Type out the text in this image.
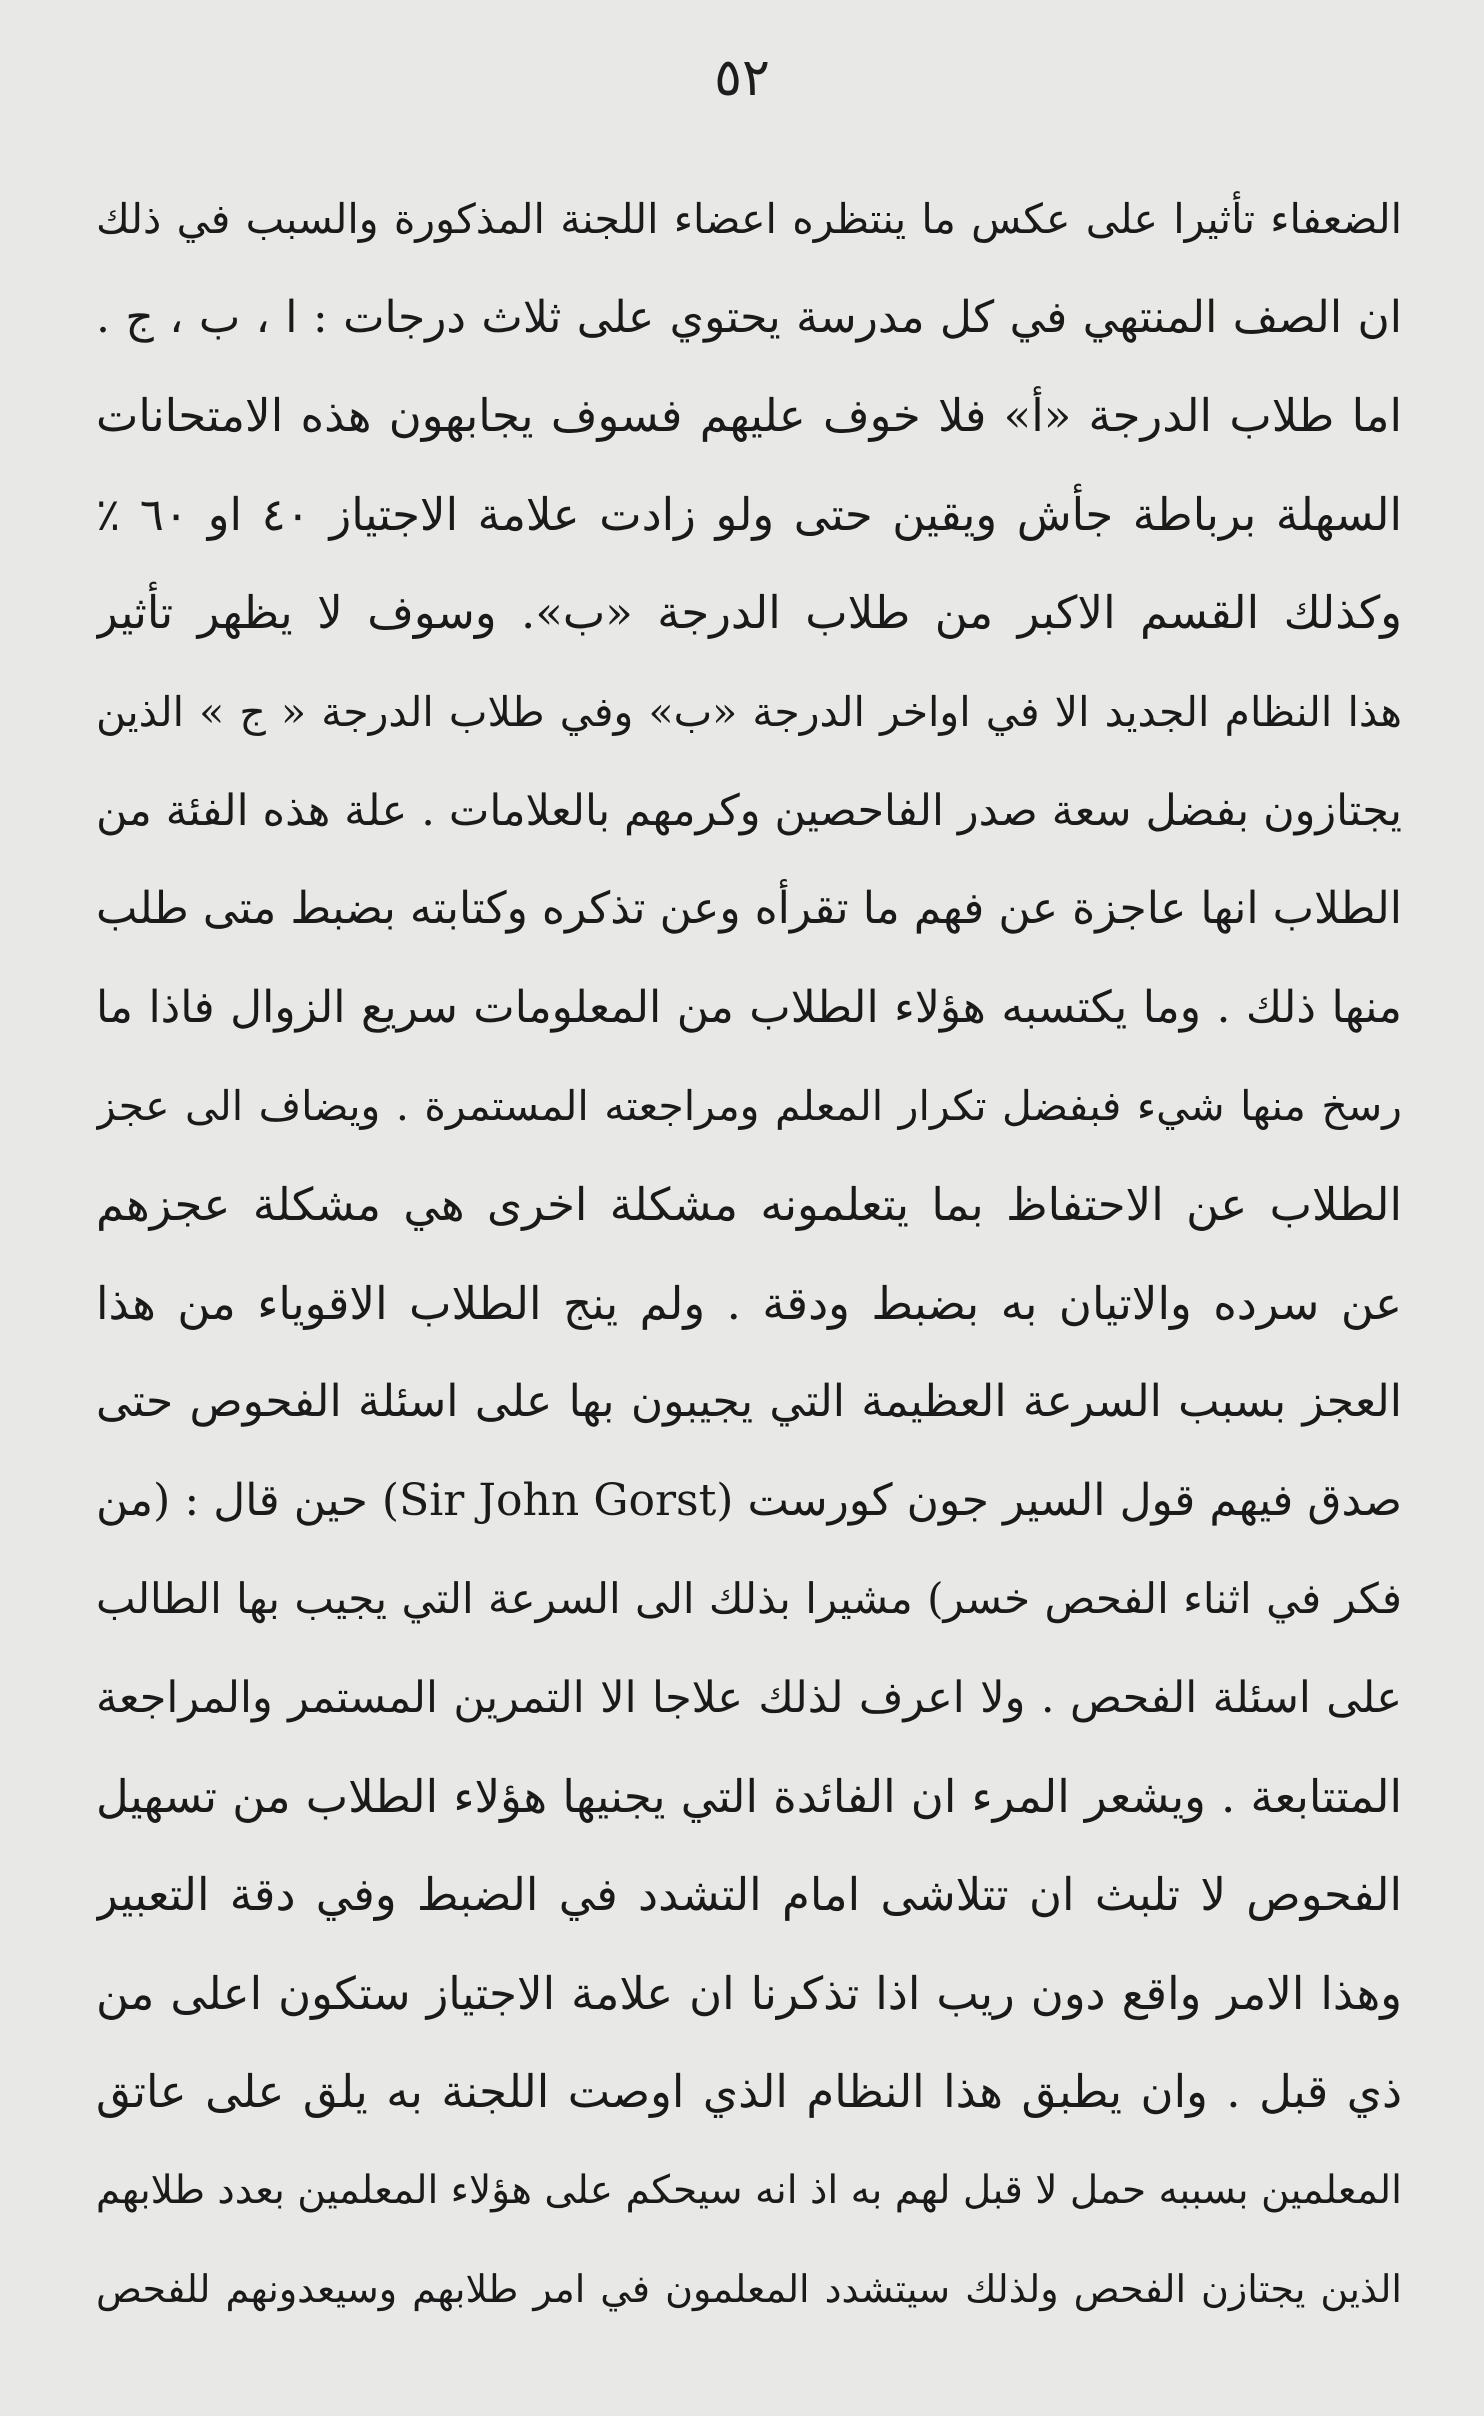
٥٢
الضعفاء تأثيرا على عكس ما ينتظره اعضاء اللجنة المذكورة والسبب في ذلك
ان الصف المنتهي في كل مدرسة يحتوي على ثلاث درجات : ا ، ب ، ج .
اما طلاب الدرجة «أ» فلا خوف عليهم فسوف يجابهون هذه الامتحانات
السهلة برباطة جأش ويقين حتى ولو زادت علامة الاجتياز ٤٠ او ٦٠ ٪
وكذلك القسم الاكبر من طلاب الدرجة «ب». وسوف لا يظهر تأثير
هذا النظام الجديد الا في اواخر الدرجة «ب» وفي طلاب الدرجة « ج » الذين
يجتازون بفضل سعة صدر الفاحصين وكرمهم بالعلامات . علة هذه الفئة من
الطلاب انها عاجزة عن فهم ما تقرأه وعن تذكره وكتابته بضبط متى طلب
منها ذلك . وما يكتسبه هؤلاء الطلاب من المعلومات سريع الزوال فاذا ما
رسخ منها شيء فبفضل تكرار المعلم ومراجعته المستمرة . ويضاف الى عجز
الطلاب عن الاحتفاظ بما يتعلمونه مشكلة اخرى هي مشكلة عجزهم
عن سرده والاتيان به بضبط ودقة . ولم ينج الطلاب الاقوياء من هذا
العجز بسبب السرعة العظيمة التي يجيبون بها على اسئلة الفحوص حتى
صدق فيهم قول السير جون كورست (Sir John Gorst) حين قال : (من
فكر في اثناء الفحص خسر) مشيرا بذلك الى السرعة التي يجيب بها الطالب
على اسئلة الفحص . ولا اعرف لذلك علاجا الا التمرين المستمر والمراجعة
المتتابعة . ويشعر المرء ان الفائدة التي يجنيها هؤلاء الطلاب من تسهيل
الفحوص لا تلبث ان تتلاشى امام التشدد في الضبط وفي دقة التعبير
وهذا الامر واقع دون ريب اذا تذكرنا ان علامة الاجتياز ستكون اعلى من
ذي قبل . وان يطبق هذا النظام الذي اوصت اللجنة به يلق على عاتق
المعلمين بسببه حمل لا قبل لهم به اذ انه سيحكم على هؤلاء المعلمين بعدد طلابهم
الذين يجتازن الفحص ولذلك سيتشدد المعلمون في امر طلابهم وسيعدونهم للفحص
